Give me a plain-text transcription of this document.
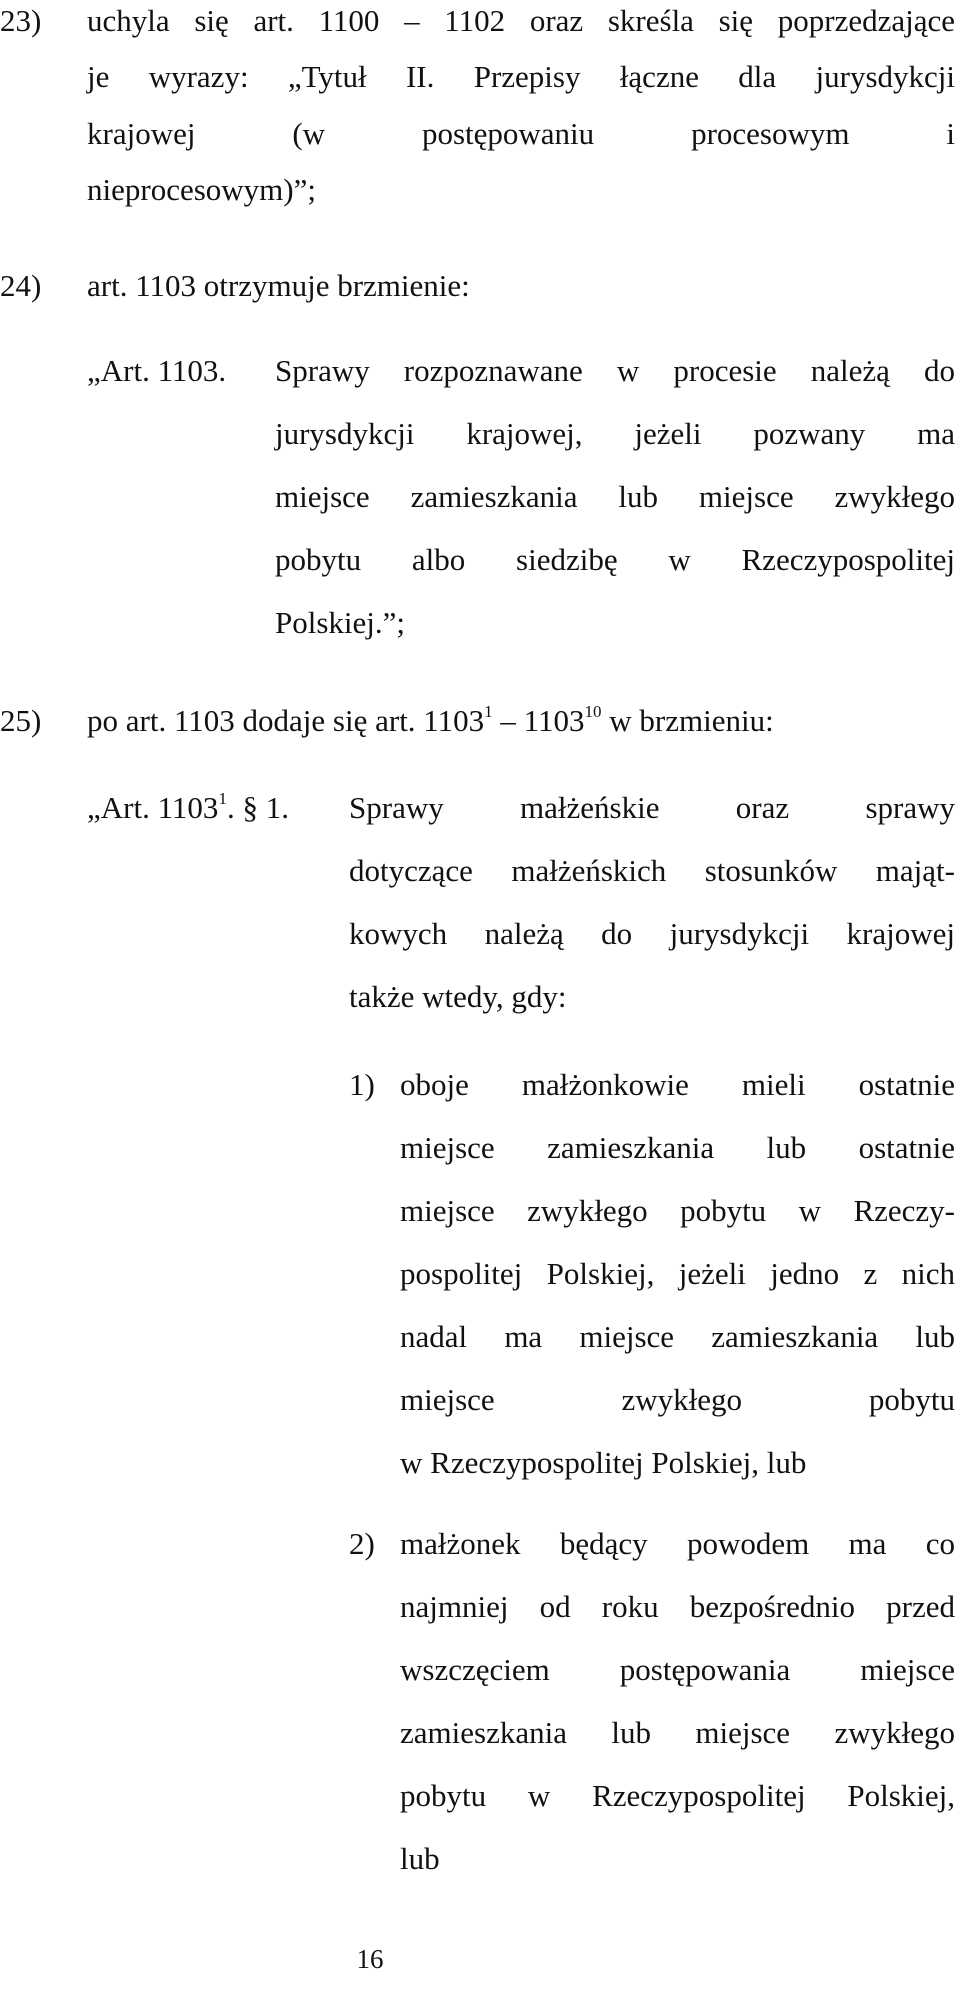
23) uchyla się art. 1100 – 1102 oraz skreśla się poprzedzające
je wyrazy: „Tytuł II. Przepisy łączne dla jurysdykcji
krajowej (w postępowaniu procesowym i
nieprocesowym)”;
24) art. 1103 otrzymuje brzmienie:
„Art. 1103. Sprawy rozpoznawane w procesie należą do
jurysdykcji krajowej, jeżeli pozwany ma
miejsce zamieszkania lub miejsce zwykłego
pobytu albo siedzibę w Rzeczypospolitej
Polskiej.”;
25) po art. 1103 dodaje się art. 1103$^1$ – 1103$^{10}$ w brzmieniu:
„Art. 1103$^1$. § 1. Sprawy małżeńskie oraz sprawy
dotyczące małżeńskich stosunków mająt-
kowych należą do jurysdykcji krajowej
także wtedy, gdy:
1) oboje małżonkowie mieli ostatnie
miejsce zamieszkania lub ostatnie
miejsce zwykłego pobytu w Rzeczy-
pospolitej Polskiej, jeżeli jedno z nich
nadal ma miejsce zamieszkania lub
miejsce zwykłego pobytu
w Rzeczypospolitej Polskiej, lub
2) małżonek będący powodem ma co
najmniej od roku bezpośrednio przed
wszczęciem postępowania miejsce
zamieszkania lub miejsce zwykłego
pobytu w Rzeczypospolitej Polskiej,
lub
16
